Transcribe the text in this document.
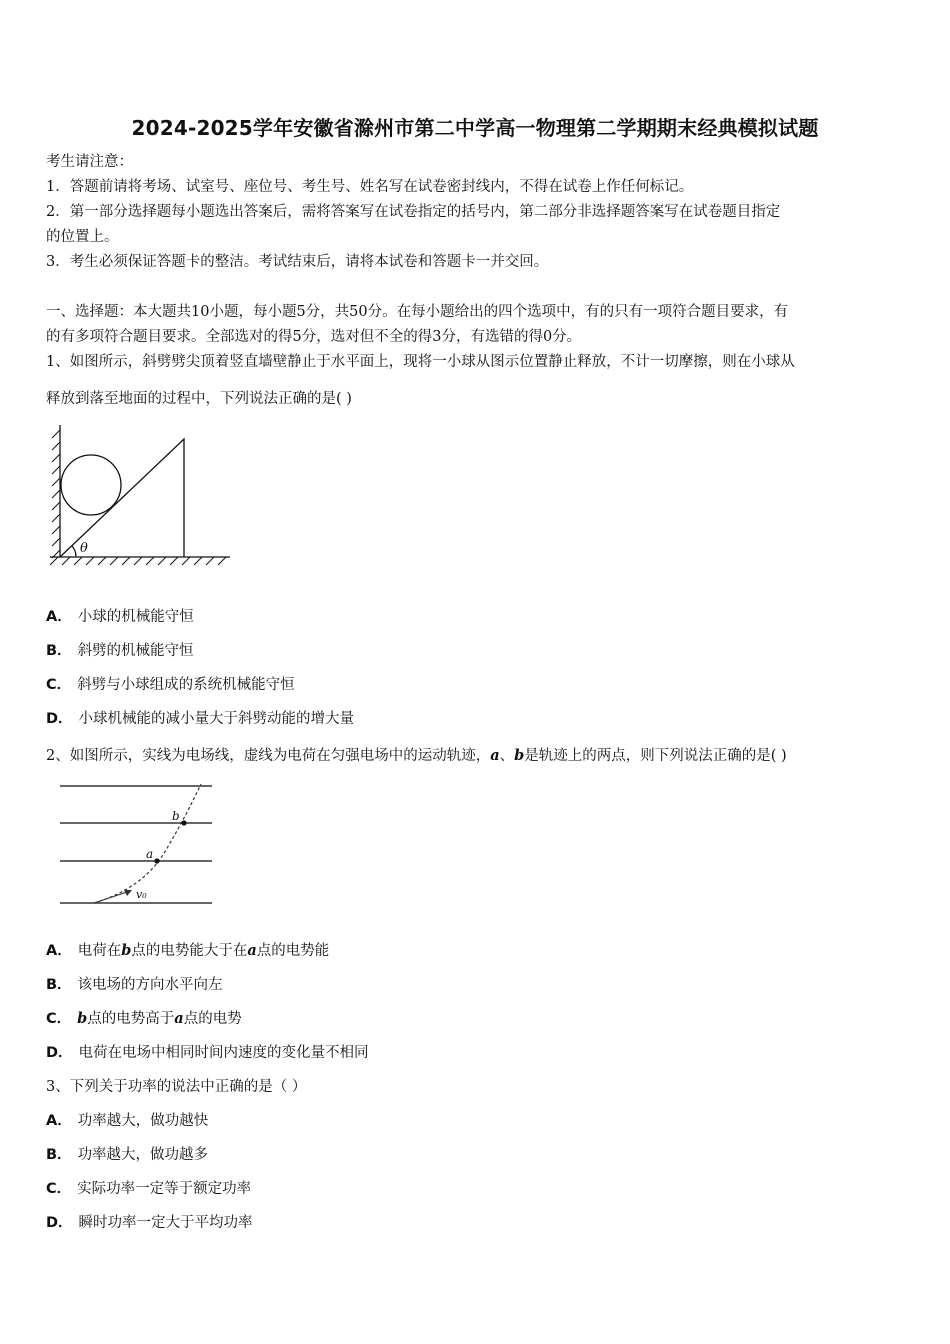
2024-2025学年安徽省滁州市第二中学高一物理第二学期期末经典模拟试题
考生请注意：
1．答题前请将考场、试室号、座位号、考生号、姓名写在试卷密封线内，不得在试卷上作任何标记。
2．第一部分选择题每小题选出答案后，需将答案写在试卷指定的括号内，第二部分非选择题答案写在试卷题目指定
的位置上。
3．考生必须保证答题卡的整洁。考试结束后，请将本试卷和答题卡一并交回。
一、选择题：本大题共10小题，每小题5分，共50分。在每小题给出的四个选项中，有的只有一项符合题目要求，有
的有多项符合题目要求。全部选对的得5分，选对但不全的得3分，有选错的得0分。
1、如图所示，斜劈劈尖顶着竖直墙壁静止于水平面上，现将一小球从图示位置静止释放，不计一切摩擦，则在小球从
释放到落至地面的过程中，下列说法正确的是( )
θ
A． 小球的机械能守恒
B． 斜劈的机械能守恒
C． 斜劈与小球组成的系统机械能守恒
D． 小球机械能的减小量大于斜劈动能的增大量
2、如图所示，实线为电场线，虚线为电荷在匀强电场中的运动轨迹，a、b是轨迹上的两点，则下列说法正确的是( )
b
a
v₀
A． 电荷在b点的电势能大于在a点的电势能
B． 该电场的方向水平向左
C． b点的电势高于a点的电势
D． 电荷在电场中相同时间内速度的变化量不相同
3、下列关于功率的说法中正确的是（ ）
A． 功率越大，做功越快
B． 功率越大，做功越多
C． 实际功率一定等于额定功率
D． 瞬时功率一定大于平均功率
